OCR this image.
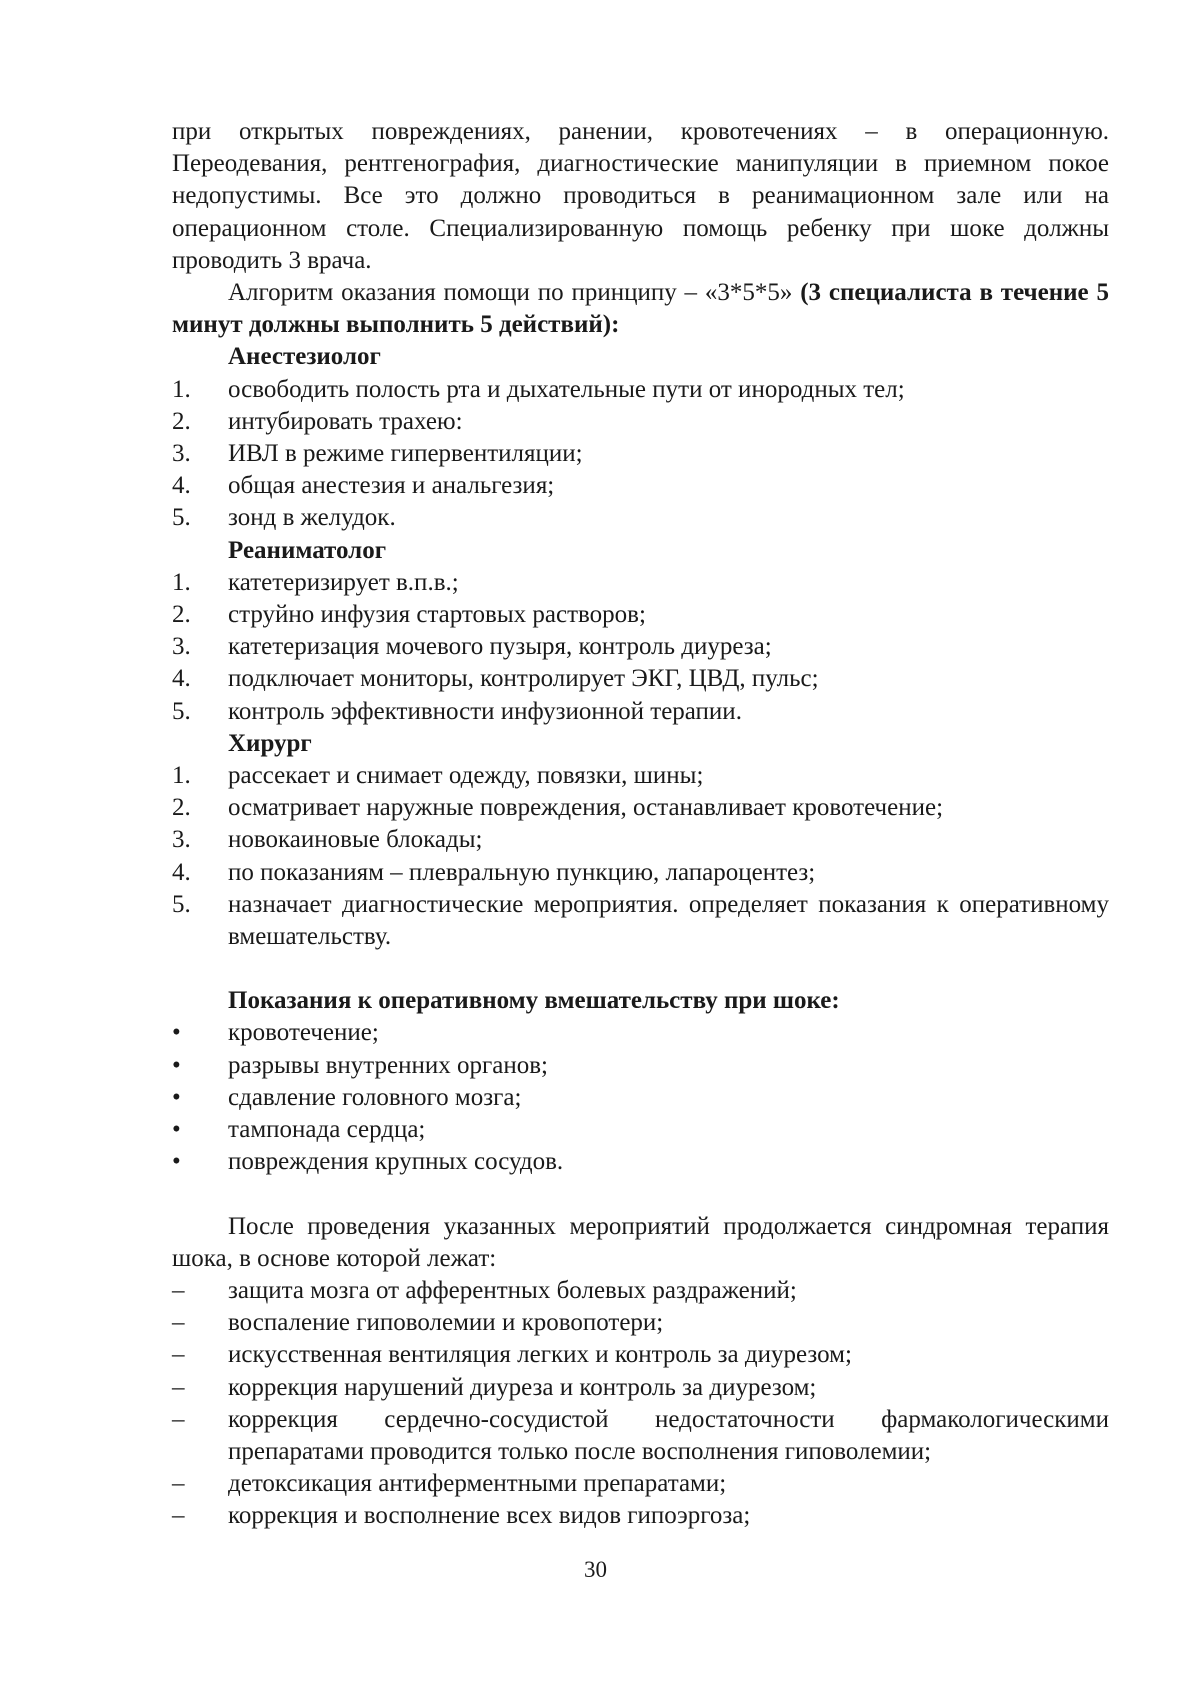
при открытых повреждениях, ранении, кровотечениях – в операционную. Переодевания, рентгенография, диагностические манипуляции в приемном покое недопустимы. Все это должно проводиться в реанимационном зале или на операционном столе. Специализированную помощь ребенку при шоке должны проводить 3 врача.

Алгоритм оказания помощи по принципу – «3*5*5» (3 специалиста в течение 5 минут должны выполнить 5 действий):

Анестезиолог

1. освободить полость рта и дыхательные пути от инородных тел;
2. интубировать трахею:
3. ИВЛ в режиме гипервентиляции;
4. общая анестезия и анальгезия;
5. зонд в желудок.

Реаниматолог

1. катетеризирует в.п.в.;
2. струйно инфузия стартовых растворов;
3. катетеризация мочевого пузыря, контроль диуреза;
4. подключает мониторы, контролирует ЭКГ, ЦВД, пульс;
5. контроль эффективности инфузионной терапии.

Хирург

1. рассекает и снимает одежду, повязки, шины;
2. осматривает наружные повреждения, останавливает кровотечение;
3. новокаиновые блокады;
4. по показаниям – плевральную пункцию, лапароцентез;
5. назначает диагностические мероприятия. определяет показания к оперативному вмешательству.

Показания к оперативному вмешательству при шоке:

• кровотечение;
• разрывы внутренних органов;
• сдавление головного мозга;
• тампонада сердца;
• повреждения крупных сосудов.

После проведения указанных мероприятий продолжается синдромная терапия шока, в основе которой лежат:

– защита мозга от афферентных болевых раздражений;
– воспаление гиповолемии и кровопотери;
– искусственная вентиляция легких и контроль за диурезом;
– коррекция нарушений диуреза и контроль за диурезом;
– коррекция сердечно-сосудистой недостаточности фармакологическими препаратами проводится только после восполнения гиповолемии;
– детоксикация антиферментными препаратами;
– коррекция и восполнение всех видов гипоэргоза;
30
